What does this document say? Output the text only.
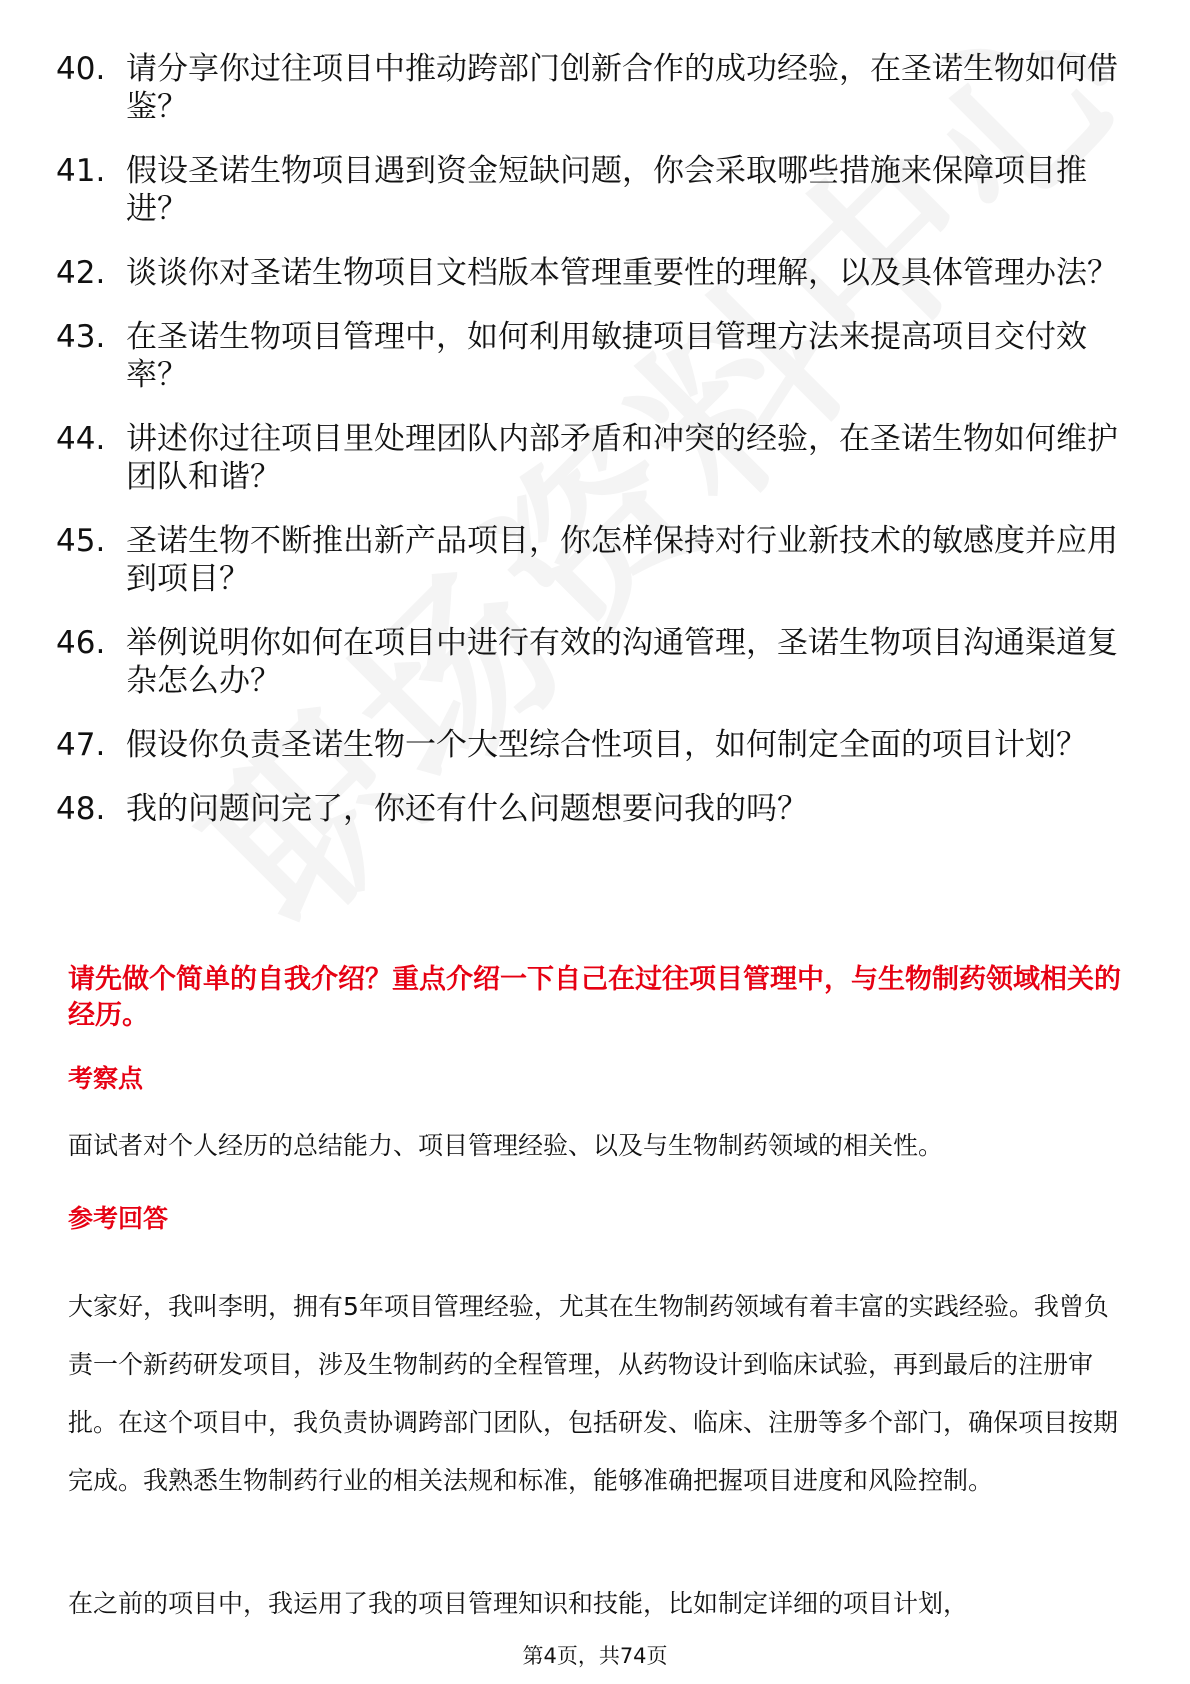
40. 请分享你过往项目中推动跨部门创新合作的成功经验，在圣诺生物如何借鉴？
41. 假设圣诺生物项目遇到资金短缺问题，你会采取哪些措施来保障项目推进？
42. 谈谈你对圣诺生物项目文档版本管理重要性的理解，以及具体管理办法？
43. 在圣诺生物项目管理中，如何利用敏捷项目管理方法来提高项目交付效率？
44. 讲述你过往项目里处理团队内部矛盾和冲突的经验，在圣诺生物如何维护团队和谐？
45. 圣诺生物不断推出新产品项目，你怎样保持对行业新技术的敏感度并应用到项目？
46. 举例说明你如何在项目中进行有效的沟通管理，圣诺生物项目沟通渠道复杂怎么办？
47. 假设你负责圣诺生物一个大型综合性项目，如何制定全面的项目计划？
48. 我的问题问完了，你还有什么问题想要问我的吗？
请先做个简单的自我介绍？重点介绍一下自己在过往项目管理中，与生物制药领域相关的经历。
考察点
面试者对个人经历的总结能力、项目管理经验、以及与生物制药领域的相关性。
参考回答
大家好，我叫李明，拥有5年项目管理经验，尤其在生物制药领域有着丰富的实践经验。我曾负责一个新药研发项目，涉及生物制药的全程管理，从药物设计到临床试验，再到最后的注册审批。在这个项目中，我负责协调跨部门团队，包括研发、临床、注册等多个部门，确保项目按期完成。我熟悉生物制药行业的相关法规和标准，能够准确把握项目进度和风险控制。
在之前的项目中，我运用了我的项目管理知识和技能，比如制定详细的项目计划，
第4页，共74页
